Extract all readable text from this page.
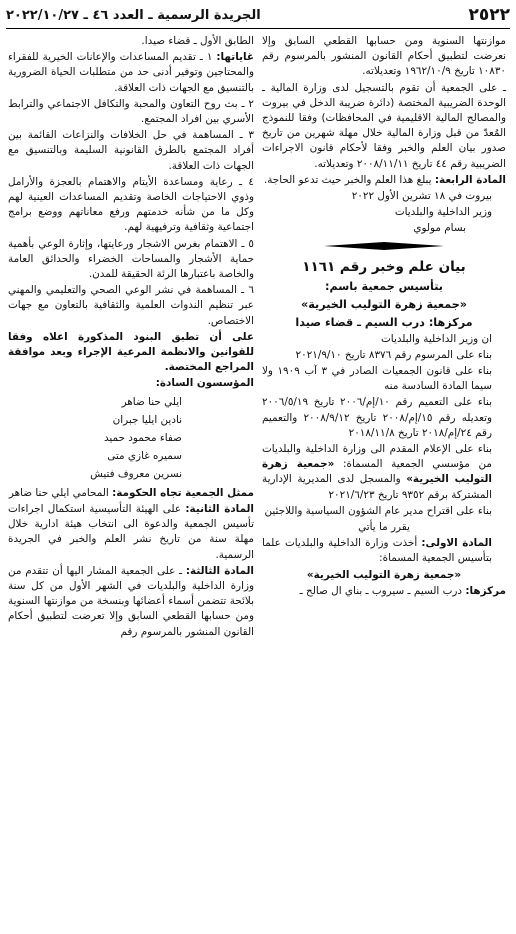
٢٥٢٢
الجريدة الرسمية ـ العدد ٤٦ ـ ٢٠٢٢/١٠/٢٧

موازنتها السنوية ومن حسابها القطعي السابق وإلا نعرضت لتطبيق أحكام القانون المنشور بالمرسوم رقم ١٠٨٣٠ تاريخ ١٩٦٢/١٠/٩ وتعديلاته.

ـ على الجمعية أن تقوم بالتسجيل لدى وزارة المالية ـ الوحدة الضريبية المختصة (دائرة ضريبة الدخل في بيروت والمصالح المالية الاقليمية في المحافظات) وفقا للنموذج المُعدّ من قبل وزارة المالية خلال مهلة شهرين من تاريخ صدور بيان العلم والخبر وفقا لأحكام قانون الاجراءات الضريبية رقم ٤٤ تاريخ ٢٠٠٨/١١/١١ وتعديلاته.

المادة الرابعة: يبلغ هذا العلم والخبر حيث تدعو الحاجة.

بيروت في ١٨ تشرين الأول ٢٠٢٢

وزير الداخلية والبلديات

بسام مولوي

بيان علم وخبر رقم ١١٦١

بتأسيس جمعية باسم:

«جمعية زهرة التوليب الخيرية»

مركزها: درب السيم ـ قضاء صيدا

ان وزير الداخلية والبلديات

بناء على المرسوم رقم ٨٣٧٦ تاريخ ٢٠٢١/٩/١٠

بناء على قانون الجمعيات الصادر في ٣ آب ١٩٠٩ ولا سيما المادة السادسة منه

بناء على التعميم رقم ١٠/إم/٢٠٠٦ تاريخ ٢٠٠٦/٥/١٩ وتعديله رقم ١٥/إم/٢٠٠٨ تاريخ ٢٠٠٨/٩/١٢ والتعميم رقم ٢٤/إم/٢٠١٨ تاريخ ٢٠١٨/١١/٨

بناء على الإعلام المقدم الى وزارة الداخلية والبلديات من مؤسسي الجمعية المسماة: «جمعية زهرة التوليب الخيرية» والمسجل لدى المديرية الإدارية المشتركة برقم ٩٣٥٢ تاريخ ٢٠٢١/٦/٢٣

بناء على اقتراح مدير عام الشؤون السياسية واللاجئين

يقرر ما يأتي

المادة الاولى: أخذت وزارة الداخلية والبلديات علما بتأسيس الجمعية المسماة:

«جمعية زهرة التوليب الخيرية»

مركزها: درب السيم ـ سيروب ـ بناي ال صالح ـ

الطابق الأول ـ قضاء صيدا.

غاياتها: ١ ـ تقديم المساعدات والإعانات الخيرية للفقراء والمحتاجين وتوفير أدنى حد من متطلبات الحياة الضرورية بالتنسيق مع الجهات ذات العلاقة.

٢ ـ بث روح التعاون والمحبة والتكافل الاجتماعي والترابط الأسري بين افراد المجتمع.

٣ ـ المساهمة في حل الخلافات والنزاعات القائمة بين أفراد المجتمع بالطرق القانونية السليمة وبالتنسيق مع الجهات ذات العلاقة.

٤ ـ رعاية ومساعدة الأيتام والاهتمام بالعجزة والأرامل وذوي الاحتياجات الخاصة وتقديم المساعدات العينية لهم وكل ما من شأنه خدمتهم ورفع معاناتهم ووضع برامج اجتماعية وثقافية وترفيهية لهم.

٥ ـ الاهتمام بغرس الاشجار ورعايتها، وإثارة الوعي بأهمية حماية الأشجار والمساحات الخضراء والحدائق العامة والخاصة باعتبارها الرئة الحقيقة للمدن.

٦ ـ المساهمة في نشر الوعي الصحي والتعليمي والمهني عبر تنظيم الندوات العلمية والثقافية بالتعاون مع جهات الاختصاص.

على أن تطبق البنود المذكورة اعلاه وفقا للقوانين والانظمة المرعية الإجراء وبعد موافقة المراجع المختصة.

المؤسسون السادة:

ايلي حنا ضاهر

نادين ايليا جبران

صفاء محمود حميد

سميره غازي متى

نسرين معروف فتيش

ممثل الجمعية تجاه الحكومة: المحامي ايلي حنا ضاهر

المادة الثانية: على الهيئة التأسيسية استكمال اجراءات تأسيس الجمعية والدعوة الى انتخاب هيئة ادارية خلال مهلة سنة من تاريخ نشر العلم والخبر في الجريدة الرسمية.

المادة الثالثة: ـ على الجمعية المشار اليها أن تتقدم من وزارة الداخلية والبلديات في الشهر الأول من كل سنة بلائحة تتضمن أسماء أعضائها وبنسخة من موازنتها السنوية ومن حسابها القطعي السابق وإلا تعرضت لتطبيق أحكام القانون المنشور بالمرسوم رقم
